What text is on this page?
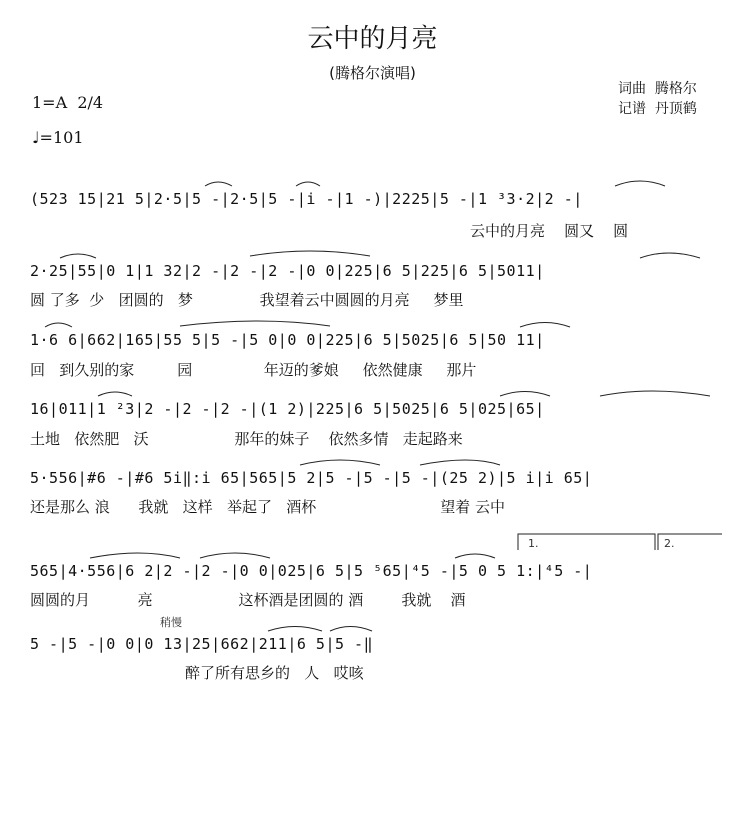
云中的月亮
(腾格尔演唱)
1=A  2/4
♩=101
词曲  腾格尔
记谱  丹顶鹤
(523 15|21 5|2·5|5 -|2·5|5 -|i -|1 -)|2225|5 -|1 ³3·2|2 -|
云中的月亮    圆又    圆
2·25|55|0 1|1 32|2 -|2 -|2 -|0 0|225|6 5|225|6 5|5011|
圆 了多  少   团圆的   梦              我望着云中圆圆的月亮     梦里
1·6 6|662|165|55 5|5 -|5 0|0 0|225|6 5|5025|6 5|50 11|
回   到久别的家         园               年迈的爹娘     依然健康     那片
16|011|1 ²3|2 -|2 -|2 -|(1 2)|225|6 5|5025|6 5|025|65|
土地   依然肥   沃                  那年的妹子    依然多情   走起路来
5·556|#6 -|#6 5i‖:i 65|565|5 2|5 -|5 -|5 -|(25 2)|5 i|i 65|
还是那么 浪      我就   这样   举起了   酒杯                          望着 云中
1.	2.
565|4·556|6 2|2 -|2 -|0 0|025|6 5|5 ⁵65|⁴5 -|5 0 5 1:|⁴5 -|
圆圆的月          亮                  这杯酒是团圆的 酒        我就    酒
稍慢
5 -|5 -|0 0|0 13|25|662|211|6 5|5 -‖
醉了所有思乡的   人   哎咳
